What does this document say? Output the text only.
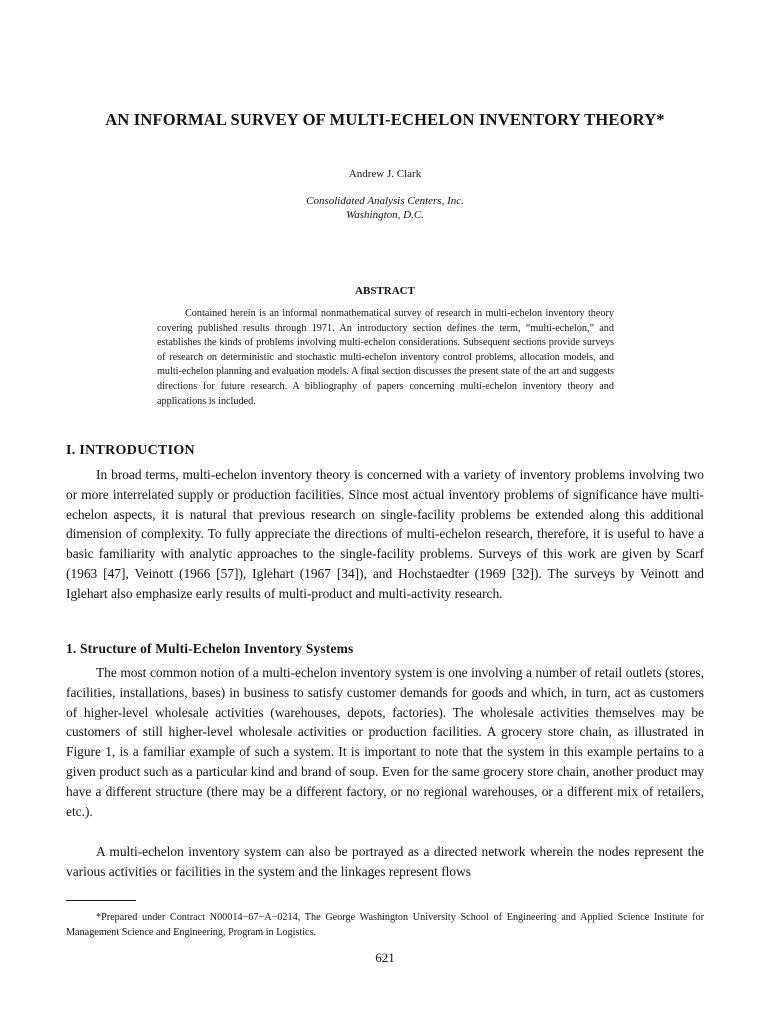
AN INFORMAL SURVEY OF MULTI-ECHELON INVENTORY THEORY*
Andrew J. Clark
Consolidated Analysis Centers, Inc.
Washington, D.C.
ABSTRACT

Contained herein is an informal nonmathematical survey of research in multi-echelon inventory theory covering published results through 1971. An introductory section defines the term, “multi-echelon,” and establishes the kinds of problems involving multi-echelon considerations. Subsequent sections provide surveys of research on deterministic and stochastic multi-echelon inventory control problems, allocation models, and multi-echelon planning and evaluation models. A final section discusses the present state of the art and suggests directions for future research. A bibliography of papers concerning multi-echelon inventory theory and applications is included.

I. INTRODUCTION

In broad terms, multi-echelon inventory theory is concerned with a variety of inventory problems involving two or more interrelated supply or production facilities. Since most actual inventory problems of significance have multi-echelon aspects, it is natural that previous research on single-facility problems be extended along this additional dimension of complexity. To fully appreciate the directions of multi-echelon research, therefore, it is useful to have a basic familiarity with analytic approaches to the single-facility problems. Surveys of this work are given by Scarf (1963 [47], Veinott (1966 [57]), Iglehart (1967 [34]), and Hochstaedter (1969 [32]). The surveys by Veinott and Iglehart also emphasize early results of multi-product and multi-activity research.

1. Structure of Multi-Echelon Inventory Systems

The most common notion of a multi-echelon inventory system is one involving a number of retail outlets (stores, facilities, installations, bases) in business to satisfy customer demands for goods and which, in turn, act as customers of higher-level wholesale activities (warehouses, depots, factories). The wholesale activities themselves may be customers of still higher-level wholesale activities or production facilities. A grocery store chain, as illustrated in Figure 1, is a familiar example of such a system. It is important to note that the system in this example pertains to a given product such as a particular kind and brand of soup. Even for the same grocery store chain, another product may have a different structure (there may be a different factory, or no regional warehouses, or a different mix of retailers, etc.).

A multi-echelon inventory system can also be portrayed as a directed network wherein the nodes represent the various activities or facilities in the system and the linkages represent flows

*Prepared under Contract N00014−67−A−0214, The George Washington University School of Engineering and Applied Science Institute for Management Science and Engineering, Program in Logistics.

621
